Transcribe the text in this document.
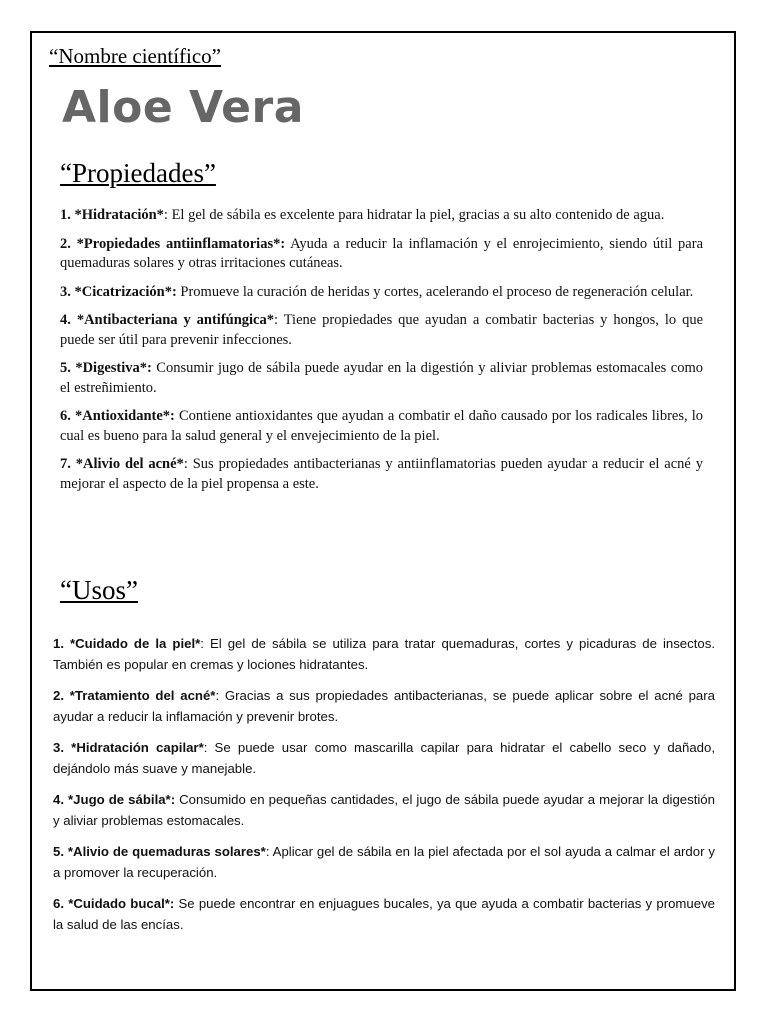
“Nombre científico”
Aloe Vera
“Propiedades”

1. *Hidratación*: El gel de sábila es excelente para hidratar la piel, gracias a su alto contenido de agua.

2. *Propiedades antiinflamatorias*: Ayuda a reducir la inflamación y el enrojecimiento, siendo útil para quemaduras solares y otras irritaciones cutáneas.

3. *Cicatrización*: Promueve la curación de heridas y cortes, acelerando el proceso de regeneración celular.

4. *Antibacteriana y antifúngica*: Tiene propiedades que ayudan a combatir bacterias y hongos, lo que puede ser útil para prevenir infecciones.

5. *Digestiva*: Consumir jugo de sábila puede ayudar en la digestión y aliviar problemas estomacales como el estreñimiento.

6. *Antioxidante*: Contiene antioxidantes que ayudan a combatir el daño causado por los radicales libres, lo cual es bueno para la salud general y el envejecimiento de la piel.

7. *Alivio del acné*: Sus propiedades antibacterianas y antiinflamatorias pueden ayudar a reducir el acné y mejorar el aspecto de la piel propensa a este.

“Usos”

1. *Cuidado de la piel*: El gel de sábila se utiliza para tratar quemaduras, cortes y picaduras de insectos. También es popular en cremas y lociones hidratantes.

2. *Tratamiento del acné*: Gracias a sus propiedades antibacterianas, se puede aplicar sobre el acné para ayudar a reducir la inflamación y prevenir brotes.

3. *Hidratación capilar*: Se puede usar como mascarilla capilar para hidratar el cabello seco y dañado, dejándolo más suave y manejable.

4. *Jugo de sábila*: Consumido en pequeñas cantidades, el jugo de sábila puede ayudar a mejorar la digestión y aliviar problemas estomacales.

5. *Alivio de quemaduras solares*: Aplicar gel de sábila en la piel afectada por el sol ayuda a calmar el ardor y a promover la recuperación.

6. *Cuidado bucal*: Se puede encontrar en enjuagues bucales, ya que ayuda a combatir bacterias y promueve la salud de las encías.
